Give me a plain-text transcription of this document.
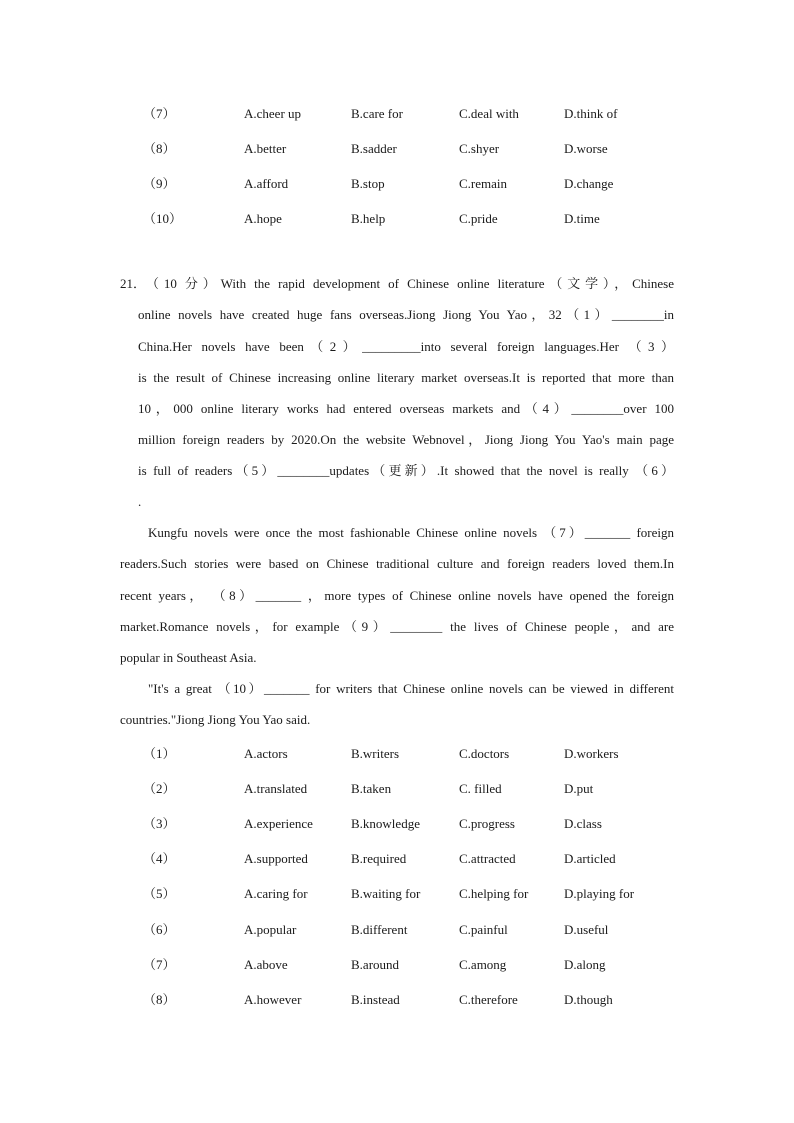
（7）	A.cheer up	B.care for	C.deal with	D.think of
（8）	A.better	B.sadder	C.shyer	D.worse
（9）	A.afford	B.stop	C.remain	D.change
（10）	A.hope	B.help	C.pride	D.time
21． （10 分）With the rapid development of Chinese online literature（文学），Chinese
online novels have created huge fans overseas.Jiong Jiong You Yao，32（1）________in
China.Her novels have been（2）_________into several foreign languages.Her （3）
is the result of Chinese increasing online literary market overseas.It is reported that more than
10，000 online literary works had entered overseas markets and（4）________over 100
million foreign readers by 2020.On the website Webnovel，Jiong Jiong You Yao's main page
is full of readers（5）________updates（更新）.It showed that the novel is really （6）
.
Kungfu novels were once the most fashionable Chinese online novels （7）_______ foreign
readers.Such stories were based on Chinese traditional culture and foreign readers loved them.In
recent years， （8）_______ ，more types of Chinese online novels have opened the foreign
market.Romance novels，for example（9）________ the lives of Chinese people，and are
popular in Southeast Asia.
"It's a great （10）_______ for writers that Chinese online novels can be viewed in different
countries."Jiong Jiong You Yao said.
（1）	A.actors	B.writers	C.doctors	D.workers
（2）	A.translated	B.taken	C. filled	D.put
（3）	A.experience	B.knowledge	C.progress	D.class
（4）	A.supported	B.required	C.attracted	D.articled
（5）	A.caring for	B.waiting for	C.helping for	D.playing for
（6）	A.popular	B.different	C.painful	D.useful
（7）	A.above	B.around	C.among	D.along
（8）	A.however	B.instead	C.therefore	D.though
